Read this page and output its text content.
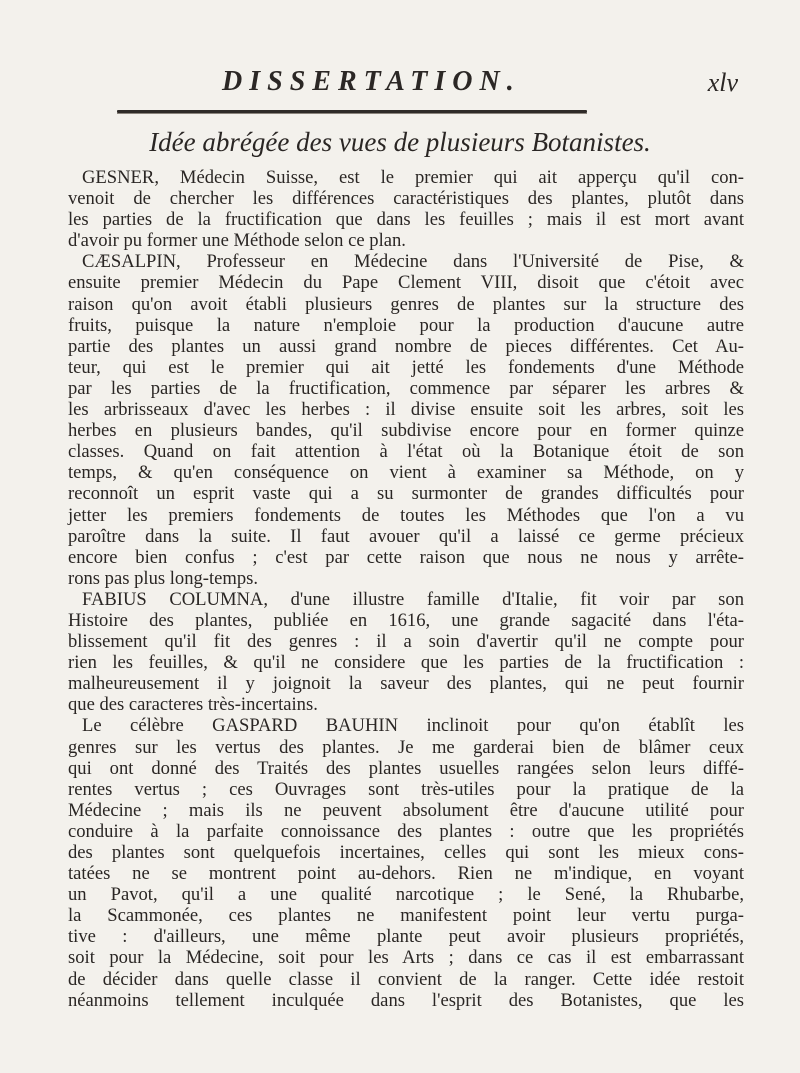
DISSERTATION.	xlv
Idée abrégée des vues de plusieurs Botanistes.
GESNER, Médecin Suisse, est le premier qui ait apperçu qu'il con-
venoit de chercher les différences caractéristiques des plantes, plutôt dans
les parties de la fructification que dans les feuilles ; mais il est mort avant
d'avoir pu former une Méthode selon ce plan.
CÆSALPIN, Professeur en Médecine dans l'Université de Pise, &
ensuite premier Médecin du Pape Clement VIII, disoit que c'étoit avec
raison qu'on avoit établi plusieurs genres de plantes sur la structure des
fruits, puisque la nature n'emploie pour la production d'aucune autre
partie des plantes un aussi grand nombre de pieces différentes. Cet Au-
teur, qui est le premier qui ait jetté les fondements d'une Méthode
par les parties de la fructification, commence par séparer les arbres &
les arbrisseaux d'avec les herbes : il divise ensuite soit les arbres, soit les
herbes en plusieurs bandes, qu'il subdivise encore pour en former quinze
classes. Quand on fait attention à l'état où la Botanique étoit de son
temps, & qu'en conséquence on vient à examiner sa Méthode, on y
reconnoît un esprit vaste qui a su surmonter de grandes difficultés pour
jetter les premiers fondements de toutes les Méthodes que l'on a vu
paroître dans la suite. Il faut avouer qu'il a laissé ce germe précieux
encore bien confus ; c'est par cette raison que nous ne nous y arrête-
rons pas plus long-temps.
FABIUS COLUMNA, d'une illustre famille d'Italie, fit voir par son
Histoire des plantes, publiée en 1616, une grande sagacité dans l'éta-
blissement qu'il fit des genres : il a soin d'avertir qu'il ne compte pour
rien les feuilles, & qu'il ne considere que les parties de la fructification :
malheureusement il y joignoit la saveur des plantes, qui ne peut fournir
que des caracteres très-incertains.
Le célèbre GASPARD BAUHIN inclinoit pour qu'on établît les
genres sur les vertus des plantes. Je me garderai bien de blâmer ceux
qui ont donné des Traités des plantes usuelles rangées selon leurs diffé-
rentes vertus ; ces Ouvrages sont très-utiles pour la pratique de la
Médecine ; mais ils ne peuvent absolument être d'aucune utilité pour
conduire à la parfaite connoissance des plantes : outre que les propriétés
des plantes sont quelquefois incertaines, celles qui sont les mieux cons-
tatées ne se montrent point au-dehors. Rien ne m'indique, en voyant
un Pavot, qu'il a une qualité narcotique ; le Sené, la Rhubarbe,
la Scammonée, ces plantes ne manifestent point leur vertu purga-
tive : d'ailleurs, une même plante peut avoir plusieurs propriétés,
soit pour la Médecine, soit pour les Arts ; dans ce cas il est embarrassant
de décider dans quelle classe il convient de la ranger. Cette idée restoit
néanmoins tellement inculquée dans l'esprit des Botanistes, que les
